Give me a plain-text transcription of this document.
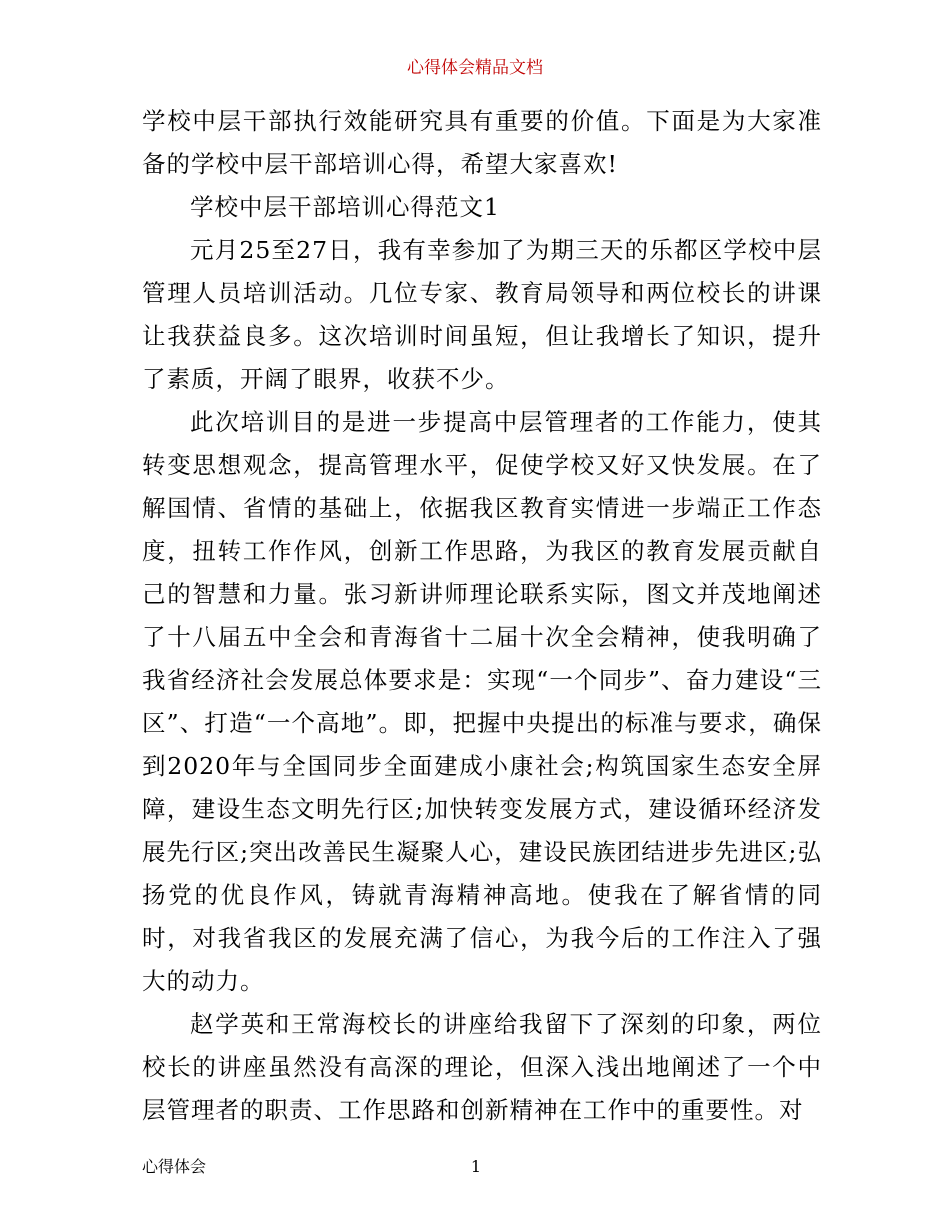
心得体会精品文档

学校中层干部执行效能研究具有重要的价值。下面是为大家准备的学校中层干部培训心得，希望大家喜欢!

学校中层干部培训心得范文1

元月25至27日，我有幸参加了为期三天的乐都区学校中层管理人员培训活动。几位专家、教育局领导和两位校长的讲课让我获益良多。这次培训时间虽短，但让我增长了知识，提升了素质，开阔了眼界，收获不少。

此次培训目的是进一步提高中层管理者的工作能力，使其转变思想观念，提高管理水平，促使学校又好又快发展。在了解国情、省情的基础上，依据我区教育实情进一步端正工作态度，扭转工作作风，创新工作思路，为我区的教育发展贡献自己的智慧和力量。张习新讲师理论联系实际，图文并茂地阐述了十八届五中全会和青海省十二届十次全会精神，使我明确了我省经济社会发展总体要求是：实现“一个同步”、奋力建设“三区”、打造“一个高地”。即，把握中央提出的标准与要求，确保到2020年与全国同步全面建成小康社会;构筑国家生态安全屏障，建设生态文明先行区;加快转变发展方式，建设循环经济发展先行区;突出改善民生凝聚人心，建设民族团结进步先进区;弘扬党的优良作风，铸就青海精神高地。使我在了解省情的同时，对我省我区的发展充满了信心，为我今后的工作注入了强大的动力。

赵学英和王常海校长的讲座给我留下了深刻的印象，两位校长的讲座虽然没有高深的理论，但深入浅出地阐述了一个中层管理者的职责、工作思路和创新精神在工作中的重要性。对

心得体会	1
